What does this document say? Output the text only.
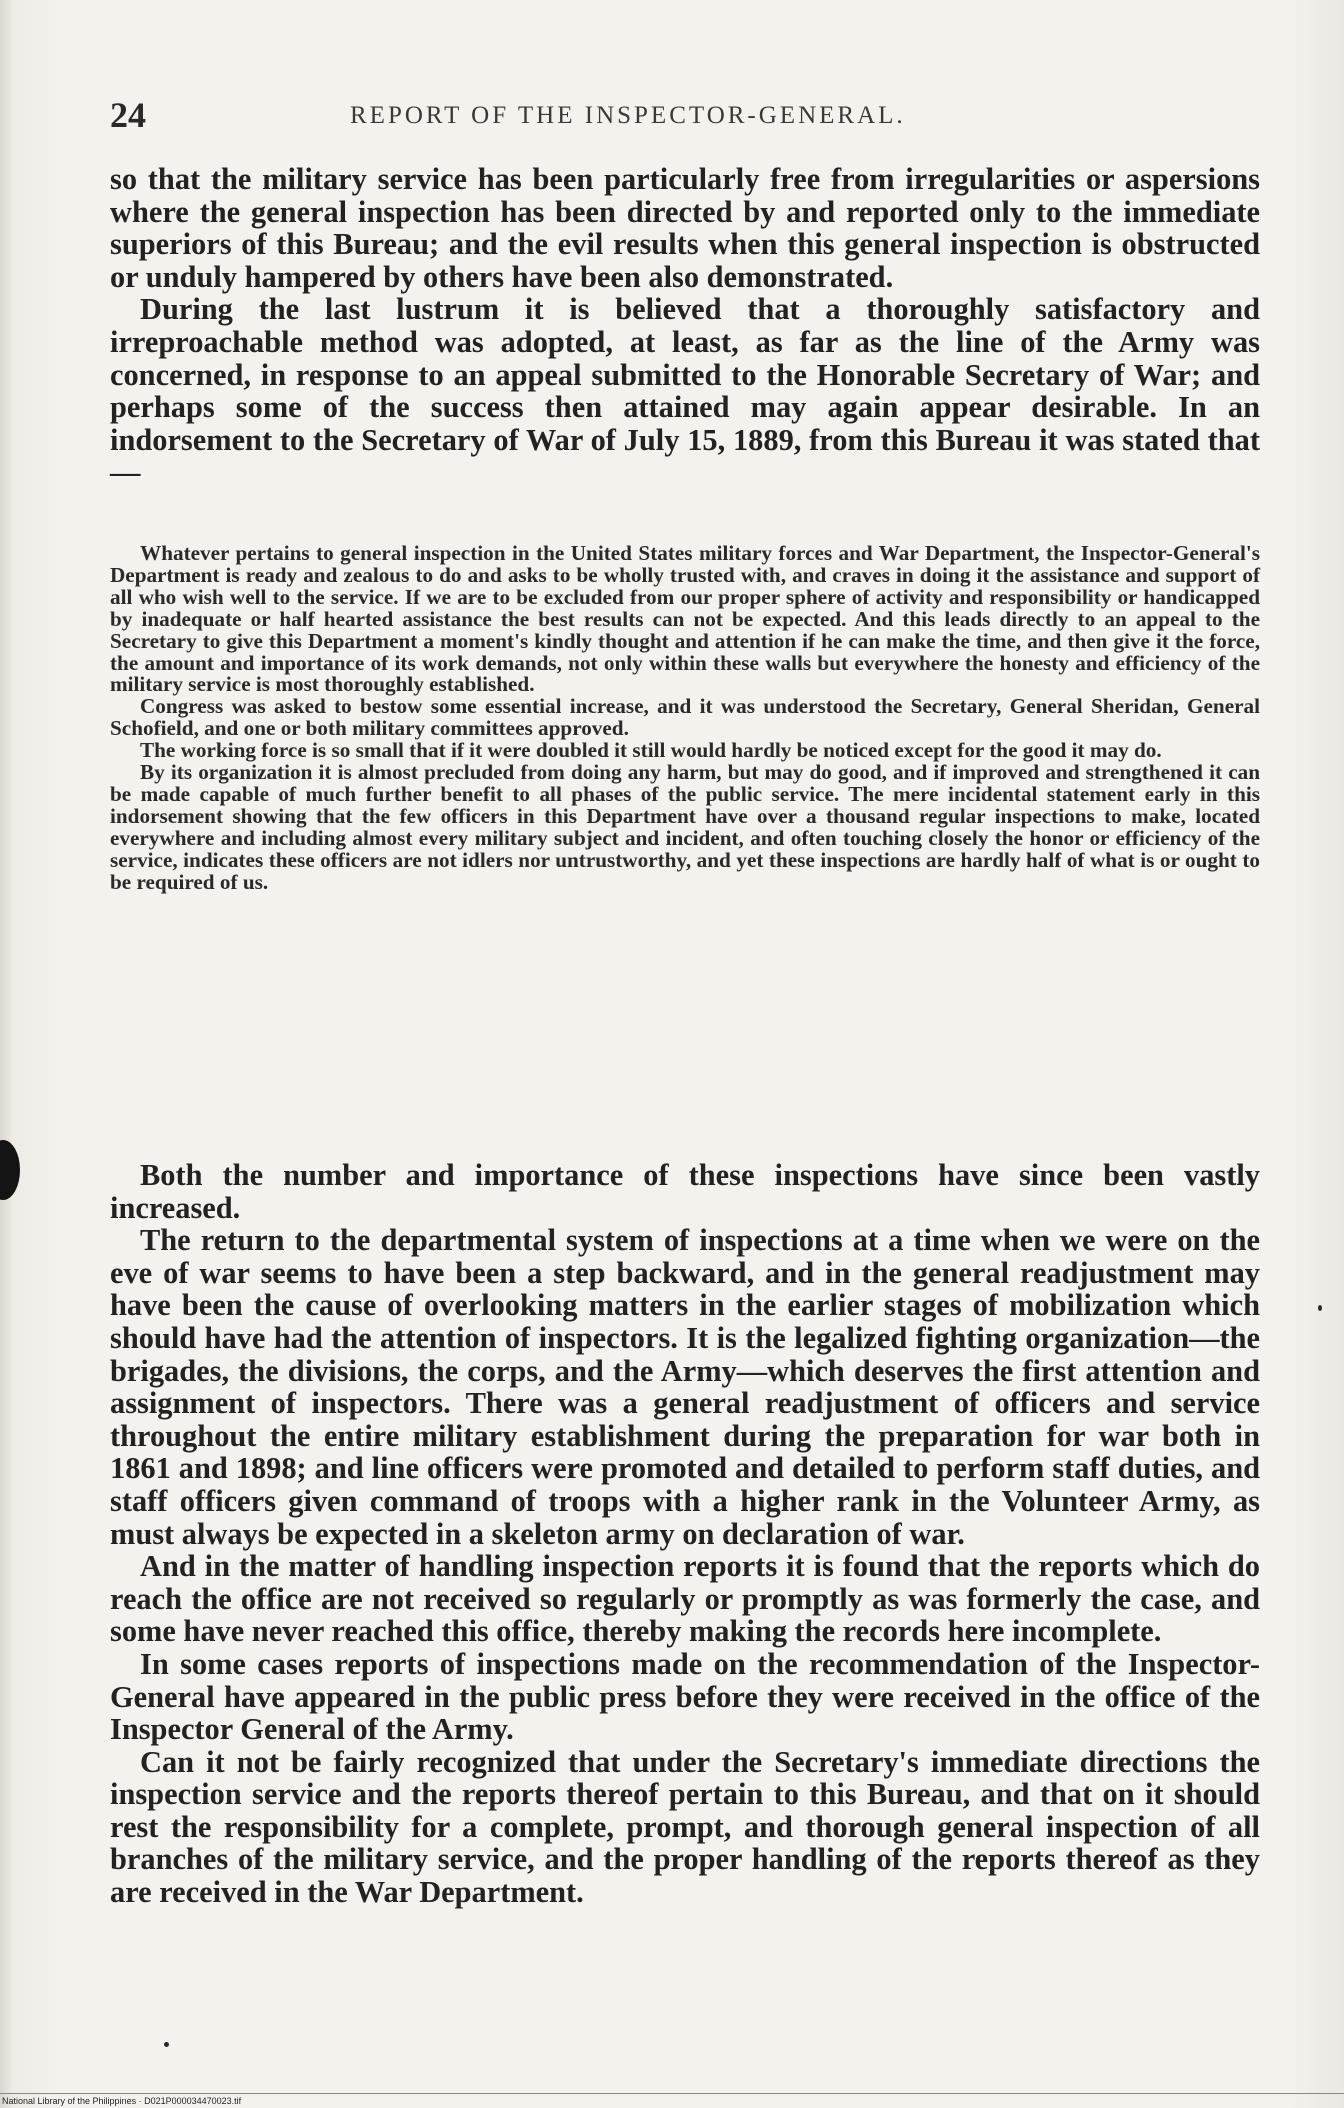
24	REPORT OF THE INSPECTOR-GENERAL.

so that the military service has been particularly free from irregularities or aspersions where the general inspection has been directed by and reported only to the immediate superiors of this Bureau; and the evil results when this general inspection is obstructed or unduly hampered by others have been also demonstrated.

During the last lustrum it is believed that a thoroughly satisfactory and irreproachable method was adopted, at least, as far as the line of the Army was concerned, in response to an appeal submitted to the Honorable Secretary of War; and perhaps some of the success then attained may again appear desirable. In an indorsement to the Secretary of War of July 15, 1889, from this Bureau it was stated that—

Whatever pertains to general inspection in the United States military forces and War Department, the Inspector-General's Department is ready and zealous to do and asks to be wholly trusted with, and craves in doing it the assistance and support of all who wish well to the service. If we are to be excluded from our proper sphere of activity and responsibility or handicapped by inadequate or half hearted assistance the best results can not be expected. And this leads directly to an appeal to the Secretary to give this Department a moment's kindly thought and attention if he can make the time, and then give it the force, the amount and importance of its work demands, not only within these walls but everywhere the honesty and efficiency of the military service is most thoroughly established.

Congress was asked to bestow some essential increase, and it was understood the Secretary, General Sheridan, General Schofield, and one or both military committees approved.

The working force is so small that if it were doubled it still would hardly be noticed except for the good it may do.

By its organization it is almost precluded from doing any harm, but may do good, and if improved and strengthened it can be made capable of much further benefit to all phases of the public service. The mere incidental statement early in this indorsement showing that the few officers in this Department have over a thousand regular inspections to make, located everywhere and including almost every military subject and incident, and often touching closely the honor or efficiency of the service, indicates these officers are not idlers nor untrustworthy, and yet these inspections are hardly half of what is or ought to be required of us.

Both the number and importance of these inspections have since been vastly increased.

The return to the departmental system of inspections at a time when we were on the eve of war seems to have been a step backward, and in the general readjustment may have been the cause of overlooking matters in the earlier stages of mobilization which should have had the attention of inspectors. It is the legalized fighting organization—the brigades, the divisions, the corps, and the Army—which deserves the first attention and assignment of inspectors. There was a general readjustment of officers and service throughout the entire military establishment during the preparation for war both in 1861 and 1898; and line officers were promoted and detailed to perform staff duties, and staff officers given command of troops with a higher rank in the Volunteer Army, as must always be expected in a skeleton army on declaration of war.

And in the matter of handling inspection reports it is found that the reports which do reach the office are not received so regularly or promptly as was formerly the case, and some have never reached this office, thereby making the records here incomplete.

In some cases reports of inspections made on the recommendation of the Inspector-General have appeared in the public press before they were received in the office of the Inspector General of the Army.

Can it not be fairly recognized that under the Secretary's immediate directions the inspection service and the reports thereof pertain to this Bureau, and that on it should rest the responsibility for a complete, prompt, and thorough general inspection of all branches of the military service, and the proper handling of the reports thereof as they are received in the War Department.

National Library of the Philippines · D021P000034470023.tif
